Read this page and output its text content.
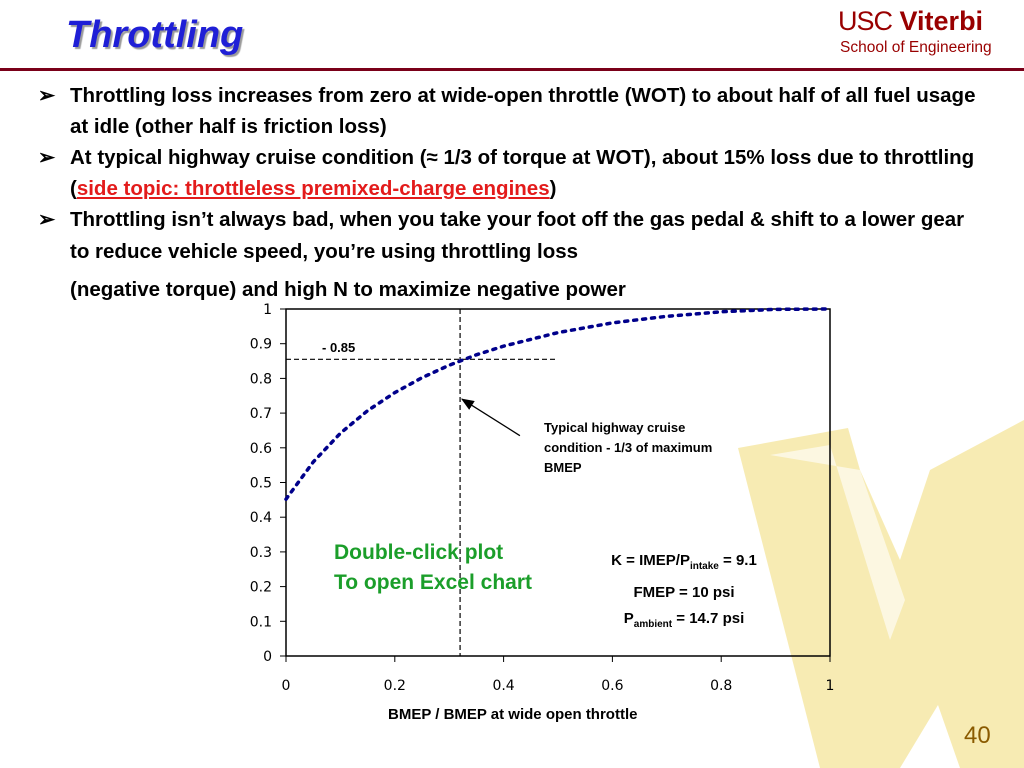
Throttling	USC Viterbi
School of Engineering
➢ Throttling loss increases from zero at wide-open throttle (WOT) to about half of all fuel usage at idle (other half is friction loss)
➢ At typical highway cruise condition (≈ 1/3 of torque at WOT), about 15% loss due to throttling (side topic: throttleless premixed-charge engines)
➢ Throttling isn’t always bad, when you take your foot off the gas pedal & shift to a lower gear to reduce vehicle speed, you’re using throttling loss
(negative torque) and high N to maximize negative power
0
0.1
0.2
0.3
0.4
0.5
0.6
0.7
0.8
0.9
1
0	0.2	0.4	0.6	0.8	1
- 0.85
Typical highway cruise condition - 1/3 of maximum BMEP
K = IMEP/$P_{intake} = 9.1$
FMEP = 10 psi
$P_{ambient} = 14.7$ psi
Double-click plot
To open Excel chart
BMEP / BMEP at wide open throttle
40
